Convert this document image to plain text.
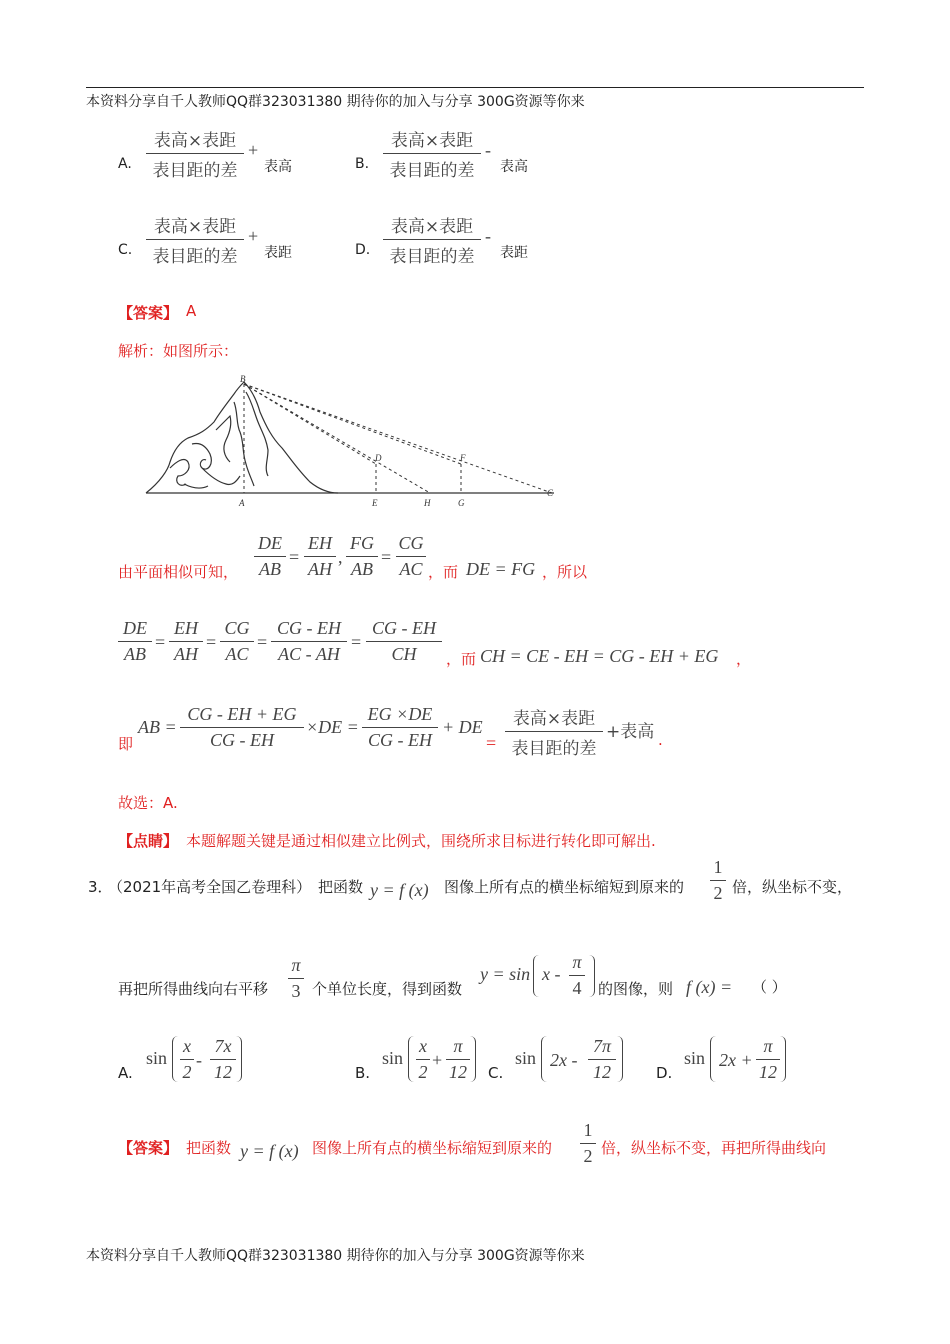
本资料分享自千人教师QQ群323031380 期待你的加入与分享 300G资源等你来
A.
表高×表距
表目距的差
+
表高	B.
表高×表距
表目距的差
-
表高
C.
表高×表距
表目距的差
+
表距	D.
表高×表距
表目距的差
-
表距
【答案】 A
解析：如图所示：
B
D	F
A	E	H	G
C
由平面相似可知，
DE
AB
=
EH
AH
,
FG
AB
=
CG
AC ，而 DE = FG ，所以
DE
AB
=
EH
AH
=
CG
AC
=
CG - EH
AC - AH
=
CG - EH
CH	，而 CH = CE - EH = CG - EH + EG ，
即
AB =
CG - EH + EG
CG - EH
×DE =
EG ×DE
CG - EH
+ DE
=
表高×表距
表目距的差
+表高 .
故选：A.
【点睛】 本题解题关键是通过相似建立比例式，围绕所求目标进行转化即可解出.
3．
（2021年高考全国乙卷理科） 把函数 y = f (x) 图像上所有点的横坐标缩短到原来的
1
2 倍，纵坐标不变，
再把所得曲线向右平移
π
3 个单位长度，得到函数
y = sin x -
π
4 的图像，则 f (x) = （ ）
A.
sin
x
2
-
7x
12	B.
sin
x
2
+
π
12 C.
sin 2x -
7π
12	D.
sin 2x +
π
12
【答案】 把函数 y = f (x) 图像上所有点的横坐标缩短到原来的
1
2 倍，纵坐标不变，再把所得曲线向
本资料分享自千人教师QQ群323031380 期待你的加入与分享 300G资源等你来
